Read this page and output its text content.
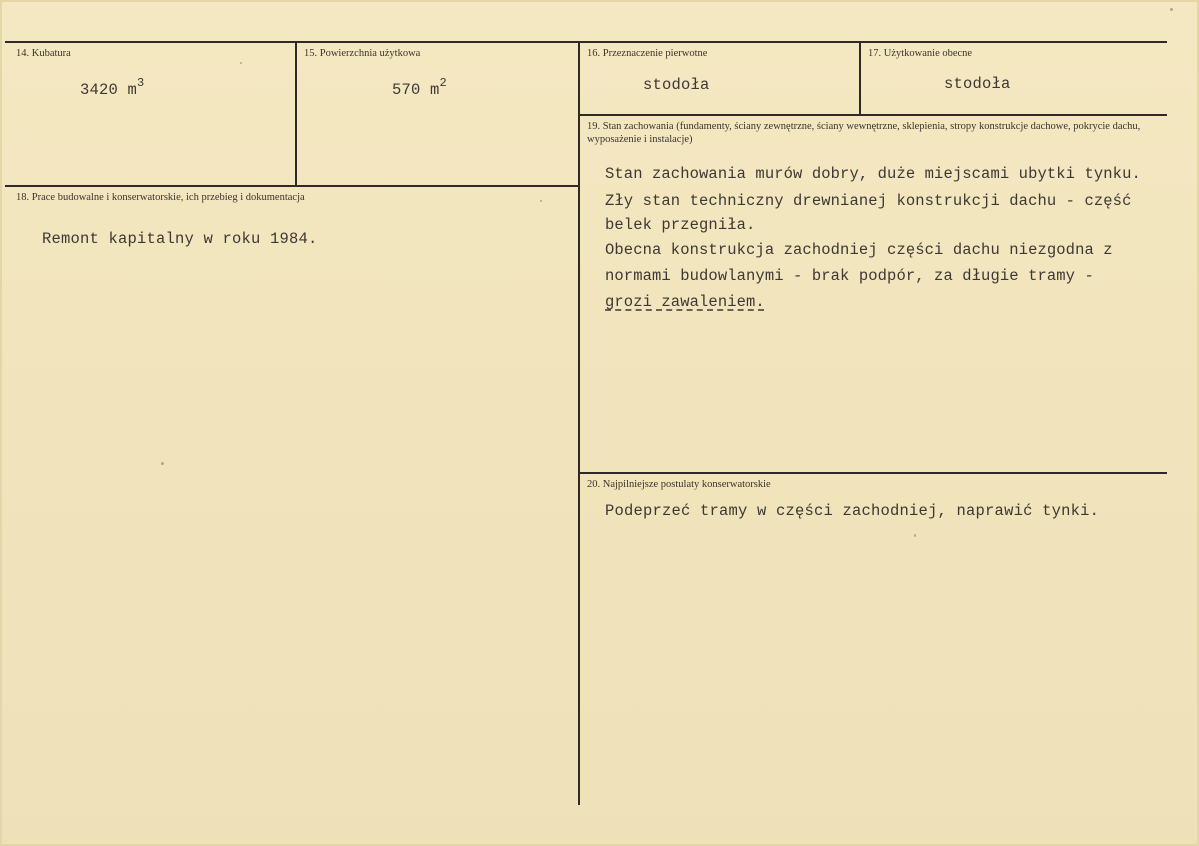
14. Kubatura
3420 $m^3$
15. Powierzchnia użytkowa
570 $m^2$
16. Przeznaczenie pierwotne
stodoła
17. Użytkowanie obecne
stodoła
18. Prace budowalne i konserwatorskie, ich przebieg i dokumentacja
Remont kapitalny w roku 1984.
19. Stan zachowania (fundamenty, ściany zewnętrzne, ściany wewnętrzne, sklepienia, stropy konstrukcje dachowe, pokrycie dachu, wyposażenie i instalacje)
Stan zachowania murów dobry, duże miejscami ubytki tynku.
Zły stan techniczny drewnianej konstrukcji dachu - część
belek przegniła.
Obecna konstrukcja zachodniej części dachu niezgodna z
normami budowlanymi - brak podpór, za długie tramy -
grozi zawaleniem.
20. Najpilniejsze postulaty konserwatorskie
Podeprzeć tramy w części zachodniej, naprawić tynki.
